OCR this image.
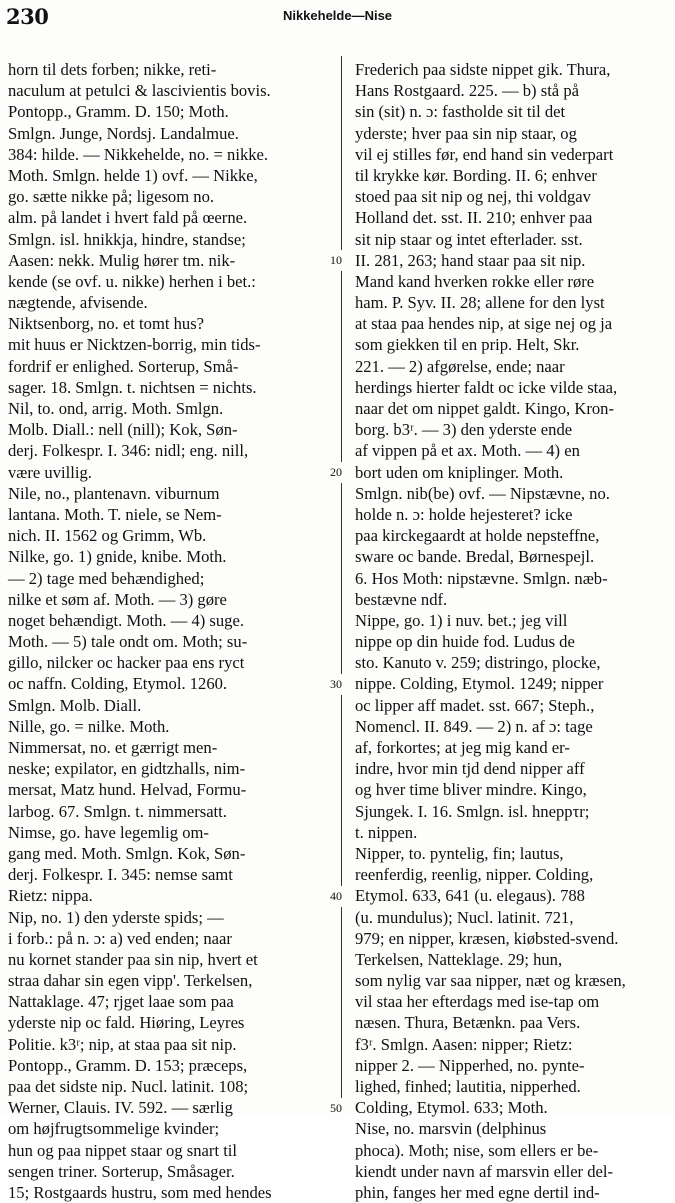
230	Nikkehelde—Nise
horn til dets forben; nikke, reti-
naculum at petulci & lascivientis bovis.
Pontopp., Gramm. D. 150; Moth.
Smlgn. Junge, Nordsj. Landalmue.
384: hilde. — Nikkehelde, no. = nikke.
Moth. Smlgn. helde 1) ovf. — Nikke,
go. sætte nikke på; ligesom no.
alm. på landet i hvert fald på œerne.
Smlgn. isl. hnikkja, hindre, standse;
Aasen: nekk. Mulig hører tm. nik-
kende (se ovf. u. nikke) herhen i bet.:
nægtende, afvisende.
Niktsenborg, no. et tomt hus?
mit huus er Nicktzen-borrig, min tids-
fordrif er enlighed. Sorterup, Små-
sager. 18. Smlgn. t. nichtsen = nichts.
Nil, to. ond, arrig. Moth. Smlgn.
Molb. Diall.: nell (nill); Kok, Søn-
derj. Folkespr. I. 346: nidl; eng. nill,
være uvillig.
Nile, no., plantenavn. viburnum
lantana. Moth. T. niele, se Nem-
nich. II. 1562 og Grimm, Wb.
Nilke, go. 1) gnide, knibe. Moth.
— 2) tage med behændighed;
nilke et søm af. Moth. — 3) gøre
noget behændigt. Moth. — 4) suge.
Moth. — 5) tale ondt om. Moth; su-
gillo, nilcker oc hacker paa ens ryct
oc naffn. Colding, Etymol. 1260.
Smlgn. Molb. Diall.
Nille, go. = nilke. Moth.
Nimmersat, no. et gærrigt men-
neske; expilator, en gidtzhalls, nim-
mersat, Matz hund. Helvad, Formu-
larbog. 67. Smlgn. t. nimmersatt.
Nimse, go. have legemlig om-
gang med. Moth. Smlgn. Kok, Søn-
derj. Folkespr. I. 345: nemse samt
Rietz: nippa.
Nip, no. 1) den yderste spids; —
i forb.: på n. ɔ: a) ved enden; naar
nu kornet stander paa sin nip, hvert et
straa dahar sin egen vipp'. Terkelsen,
Nattaklage. 47; rjget laae som paa
yderste nip oc fald. Hiøring, Leyres
Politie. k3ʳ; nip, at staa paa sit nip.
Pontopp., Gramm. D. 153; præceps,
paa det sidste nip. Nucl. latinit. 108;
Werner, Clauis. IV. 592. — særlig
om højfrugtsommelige kvinder;
hun og paa nippet staar og snart til
sengen triner. Sorterup, Småsager.
15; Rostgaards hustru, som med hendes
Frederich paa sidste nippet gik. Thura,
Hans Rostgaard. 225. — b) stå på
sin (sit) n. ɔ: fastholde sit til det
yderste; hver paa sin nip staar, og
vil ej stilles før, end hand sin vederpart
til krykke kør. Bording. II. 6; enhver
stoed paa sit nip og nej, thi voldgav
Holland det. sst. II. 210; enhver paa
sit nip staar og intet efterlader. sst.
II. 281, 263; hand staar paa sit nip.
Mand kand hverken rokke eller røre
ham. P. Syv. II. 28; allene for den lyst
at staa paa hendes nip, at sige nej og ja
som giekken til en prip. Helt, Skr.
221. — 2) afgørelse, ende; naar
herdings hierter faldt oc icke vilde staa,
naar det om nippet galdt. Kingo, Kron-
borg. b3ʳ. — 3) den yderste ende
af vippen på et ax. Moth. — 4) en
bort uden om kniplinger. Moth.
Smlgn. nib(be) ovf. — Nipstævne, no.
holde n. ɔ: holde hejesteret? icke
paa kirckegaardt at holde nepsteffne,
sware oc bande. Bredal, Børnespejl.
6. Hos Moth: nipstævne. Smlgn. næb-
bestævne ndf.
Nippe, go. 1) i nuv. bet.; jeg vill
nippe op din huide fod. Ludus de
sto. Kanuto v. 259; distringo, plocke,
nippe. Colding, Etymol. 1249; nipper
oc lipper aff madet. sst. 667; Steph.,
Nomencl. II. 849. — 2) n. af ɔ: tage
af, forkortes; at jeg mig kand er-
indre, hvor min tjd dend nipper aff
og hver time bliver mindre. Kingo,
Sjungek. I. 16. Smlgn. isl. hneppτr;
t. nippen.
Nipper, to. pyntelig, fin; lautus,
reenferdig, reenlig, nipper. Colding,
Etymol. 633, 641 (u. elegaus). 788
(u. mundulus); Nucl. latinit. 721,
979; en nipper, kræsen, kiøbsted-svend.
Terkelsen, Natteklage. 29; hun,
som nylig var saa nipper, næt og kræsen,
vil staa her efterdags med ise-tap om
næsen. Thura, Betænkn. paa Vers.
f3ʳ. Smlgn. Aasen: nipper; Rietz:
nipper 2. — Nipperhed, no. pynte-
lighed, finhed; lautitia, nipperhed.
Colding, Etymol. 633; Moth.
Nise, no. marsvin (delphinus
phoca). Moth; nise, som ellers er be-
kiendt under navn af marsvin eller del-
phin, fanges her med egne dertil ind-
10
20
30
40
50
